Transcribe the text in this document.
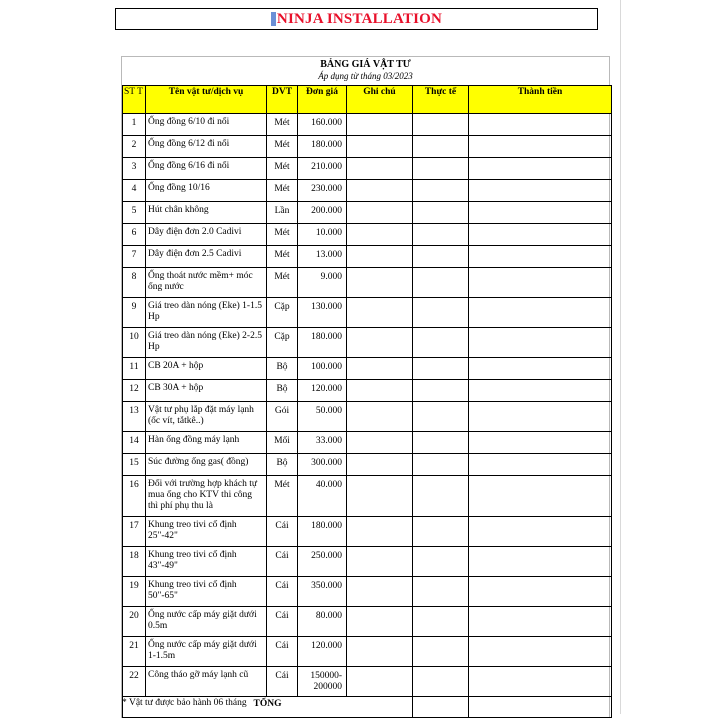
NINJA INSTALLATION
BẢNG GIÁ VẬT TƯ
Áp dụng từ tháng 03/2023
ST T	Tên vật tư/dịch vụ	DVT	Đơn giá	Ghi chú	Thực tế	Thành tiền
1	Ống đồng 6/10 đi nổi	Mét	160.000			
2	Ống đồng 6/12 đi nổi	Mét	180.000			
3	Ống đồng 6/16 đi nổi	Mét	210.000			
4	Ống đồng 10/16	Mét	230.000			
5	Hút chân không	Lần	200.000			
6	Dây điện đơn 2.0 Cadivi	Mét	10.000			
7	Dây điện đơn 2.5 Cadivi	Mét	13.000			
8	Ống thoát nước mềm+ móc ống nước	Mét	9.000			
9	Giá treo dàn nóng (Eke) 1-1.5 Hp	Cặp	130.000			
10	Giá treo dàn nóng (Eke) 2-2.5 Hp	Cặp	180.000			
11	CB 20A + hộp	Bộ	100.000			
12	CB 30A + hộp	Bộ	120.000			
13	Vật tư phụ lắp đặt máy lạnh (ốc vít, tắtkê..)	Gói	50.000			
14	Hàn ống đồng máy lạnh	Mối	33.000			
15	Súc đường ống gas( đồng)	Bộ	300.000			
16	Đối với trường hợp khách tự mua ống cho KTV thi công thì phí phụ thu là	Mét	40.000			
17	Khung treo tivi cố định 25"-42"	Cái	180.000			
18	Khung treo tivi cố định 43"-49"	Cái	250.000			
19	Khung treo tivi cố định 50"-65"	Cái	350.000			
20	Ống nước cấp máy giặt dưới 0.5m	Cái	80.000			
21	Ống nước cấp máy giặt dưới 1-1.5m	Cái	120.000			
22	Công tháo gỡ máy lạnh cũ	Cái	150000-200000			
TỔNG						
* Vật tư được bảo hành 06 tháng
